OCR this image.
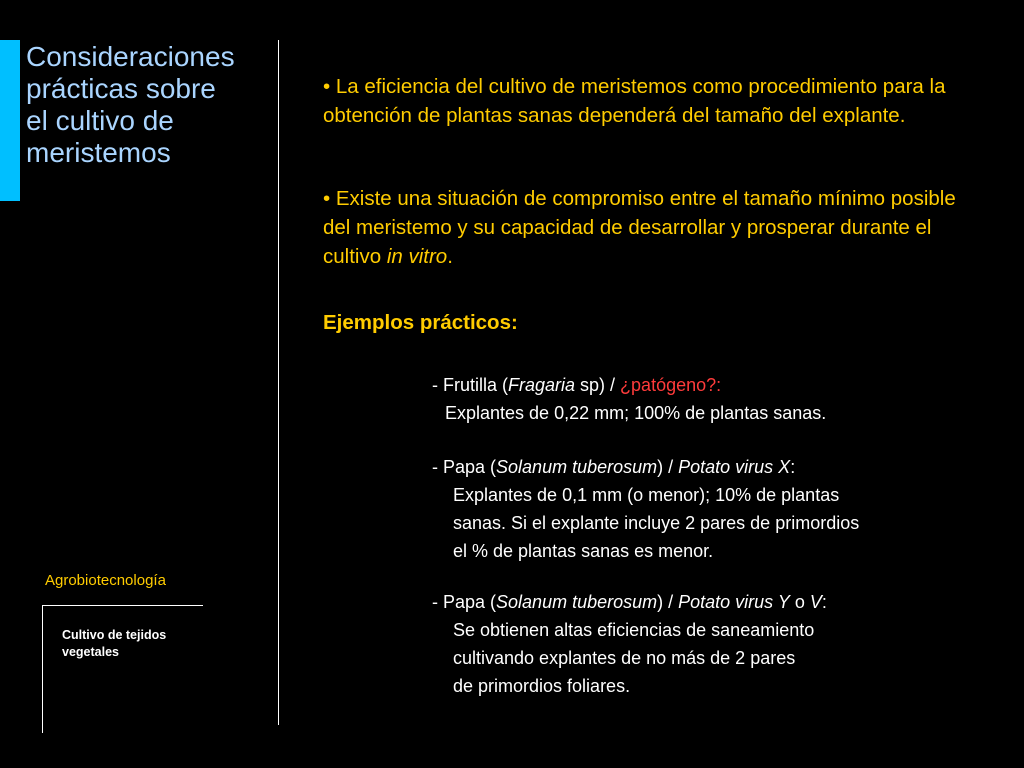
Consideraciones
prácticas sobre
el cultivo de
meristemos
• La eficiencia del cultivo de meristemos como procedimiento para la obtención de plantas sanas dependerá del tamaño del explante.
• Existe una situación de compromiso entre el tamaño mínimo posible del meristemo y su capacidad de desarrollar y prosperar durante el cultivo in vitro.
Ejemplos prácticos:
- Frutilla (Fragaria sp) / ¿patógeno?:
Explantes de 0,22 mm; 100% de plantas sanas.
- Papa (Solanum tuberosum) / Potato virus X:
Explantes de 0,1 mm (o menor); 10% de plantas
sanas. Si el explante incluye 2 pares de primordios
el % de plantas sanas es menor.
- Papa (Solanum tuberosum) / Potato virus Y o V:
Se obtienen altas eficiencias de saneamiento
cultivando explantes de no más de 2 pares
de primordios foliares.
Agrobiotecnología
Cultivo de tejidos vegetales
